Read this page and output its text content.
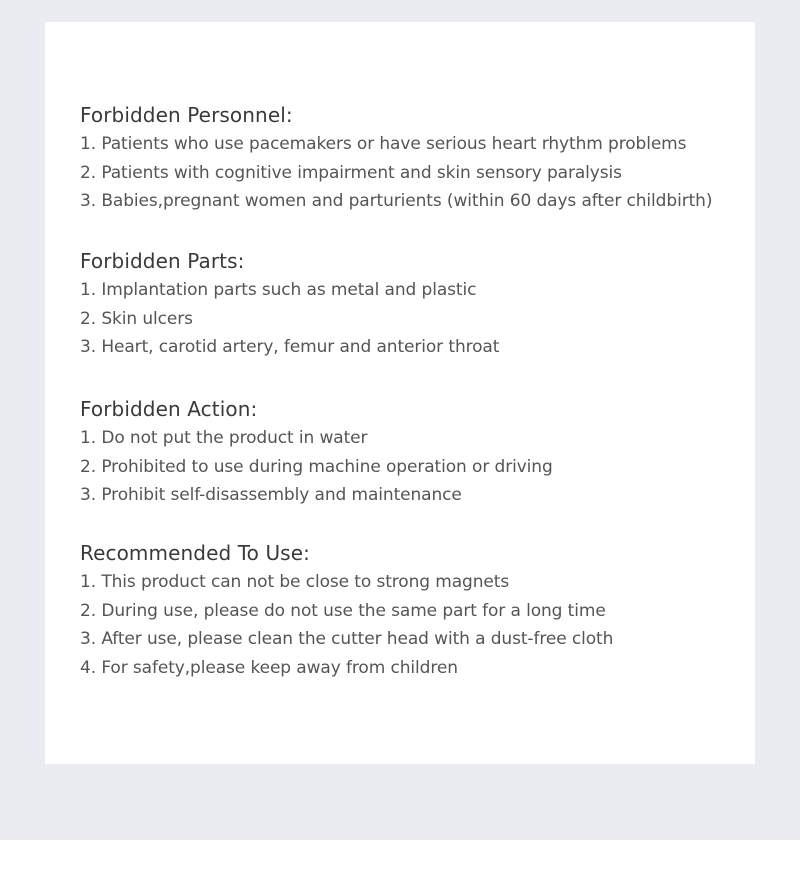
Forbidden Personnel:
1. Patients who use pacemakers or have serious heart rhythm problems
2. Patients with cognitive impairment and skin sensory paralysis
3. Babies,pregnant women and parturients (within 60 days after childbirth)
Forbidden Parts:
1. Implantation parts such as metal and plastic
2. Skin ulcers
3. Heart, carotid artery, femur and anterior throat
Forbidden Action:
1. Do not put the product in water
2. Prohibited to use during machine operation or driving
3. Prohibit self-disassembly and maintenance
Recommended To Use:
1. This product can not be close to strong magnets
2. During use, please do not use the same part for a long time
3. After use, please clean the cutter head with a dust-free cloth
4. For safety,please keep away from children
